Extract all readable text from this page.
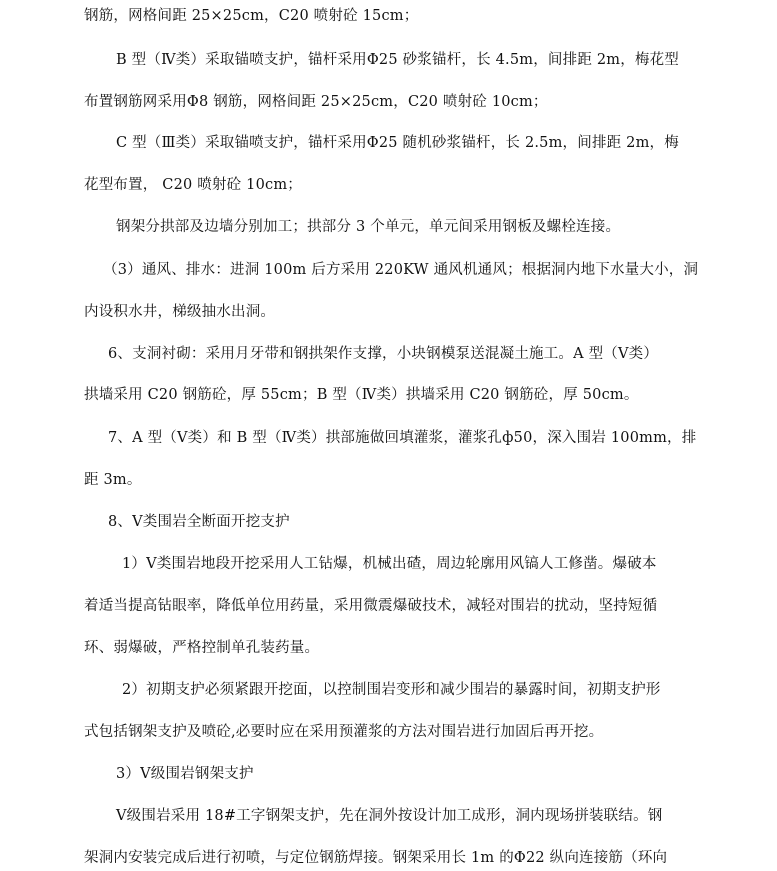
钢筋，网格间距 25×25cm，C20 喷射砼 15cm；
B 型（Ⅳ类）采取锚喷支护，锚杆采用Φ25 砂浆锚杆，长 4.5m，间排距 2m，梅花型
布置钢筋网采用Φ8 钢筋，网格间距 25×25cm，C20 喷射砼 10cm；
C 型（Ⅲ类）采取锚喷支护，锚杆采用Φ25 随机砂浆锚杆，长 2.5m，间排距 2m，梅
花型布置， C20 喷射砼 10cm；
钢架分拱部及边墙分别加工；拱部分 3 个单元，单元间采用钢板及螺栓连接。
（3）通风、排水：进洞 100m 后方采用 220KW 通风机通风；根据洞内地下水量大小，洞
内设积水井，梯级抽水出洞。
6、支洞衬砌：采用月牙带和钢拱架作支撑，小块钢模泵送混凝土施工。A 型（Ⅴ类）
拱墙采用 C20 钢筋砼，厚 55cm；B 型（Ⅳ类）拱墙采用 C20 钢筋砼，厚 50cm。
7、A 型（Ⅴ类）和 B 型（Ⅳ类）拱部施做回填灌浆，灌浆孔ф50，深入围岩 100mm，排
距 3m。
8、Ⅴ类围岩全断面开挖支护
1）Ⅴ类围岩地段开挖采用人工钻爆，机械出碴，周边轮廓用风镐人工修凿。爆破本
着适当提高钻眼率，降低单位用药量，采用微震爆破技术，减轻对围岩的扰动，坚持短循
环、弱爆破，严格控制单孔装药量。
2）初期支护必须紧跟开挖面，以控制围岩变形和减少围岩的暴露时间，初期支护形
式包括钢架支护及喷砼,必要时应在采用预灌浆的方法对围岩进行加固后再开挖。
3）Ⅴ级围岩钢架支护
Ⅴ级围岩采用 18#工字钢架支护，先在洞外按设计加工成形，洞内现场拼装联结。钢
架洞内安装完成后进行初喷，与定位钢筋焊接。钢架采用长 1m 的Φ22 纵向连接筋（环向
